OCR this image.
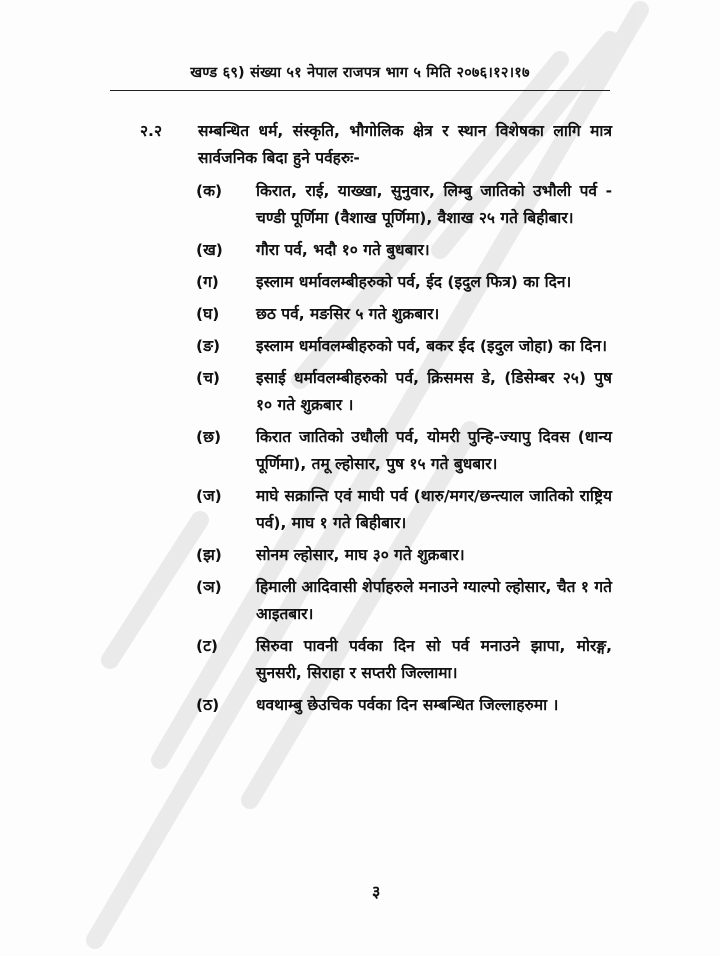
खण्ड ६९) संख्या ५१ नेपाल राजपत्र भाग ५ मिति २०७६।१२।१७
२.२	सम्बन्धित धर्म, संस्कृति, भौगोलिक क्षेत्र र स्थान विशेषका लागि मात्र सार्वजनिक बिदा हुने पर्वहरुः-
(क)	किरात, राई, याख्खा, सुनुवार, लिम्बु जातिको उभौली पर्व - चण्डी पूर्णिमा (वैशाख पूर्णिमा), वैशाख २५ गते बिहीबार।
(ख)	गौरा पर्व, भदौ १० गते बुधबार।
(ग)	इस्लाम धर्मावलम्बीहरुको पर्व, ईद (इदुल फित्र) का दिन।
(घ)	छठ पर्व, मङसिर ५ गते शुक्रबार।
(ङ)	इस्लाम धर्मावलम्बीहरुको पर्व, बकर ईद (इदुल जोहा) का दिन।
(च)	इसाई धर्मावलम्बीहरुको पर्व, क्रिसमस डे, (डिसेम्बर २५) पुष १० गते शुक्रबार ।
(छ)	किरात जातिको उधौली पर्व, योमरी पुन्हि-ज्यापु दिवस (धान्य पूर्णिमा), तमू ल्होसार, पुष १५ गते बुधबार।
(ज)	माघे सक्रान्ति एवं माघी पर्व (थारु/मगर/छन्त्याल जातिको राष्ट्रिय पर्व), माघ १ गते बिहीबार।
(झ)	सोनम ल्होसार, माघ ३० गते शुक्रबार।
(ञ)	हिमाली आदिवासी शेर्पाहरुले मनाउने ग्याल्पो ल्होसार, चैत १ गते आइतबार।
(ट)	सिरुवा पावनी पर्वका दिन सो पर्व मनाउने झापा, मोरङ्ग, सुनसरी, सिराहा र सप्तरी जिल्लामा।
(ठ)	धवथाम्बु छेउचिक पर्वका दिन सम्बन्धित जिल्लाहरुमा ।
३
